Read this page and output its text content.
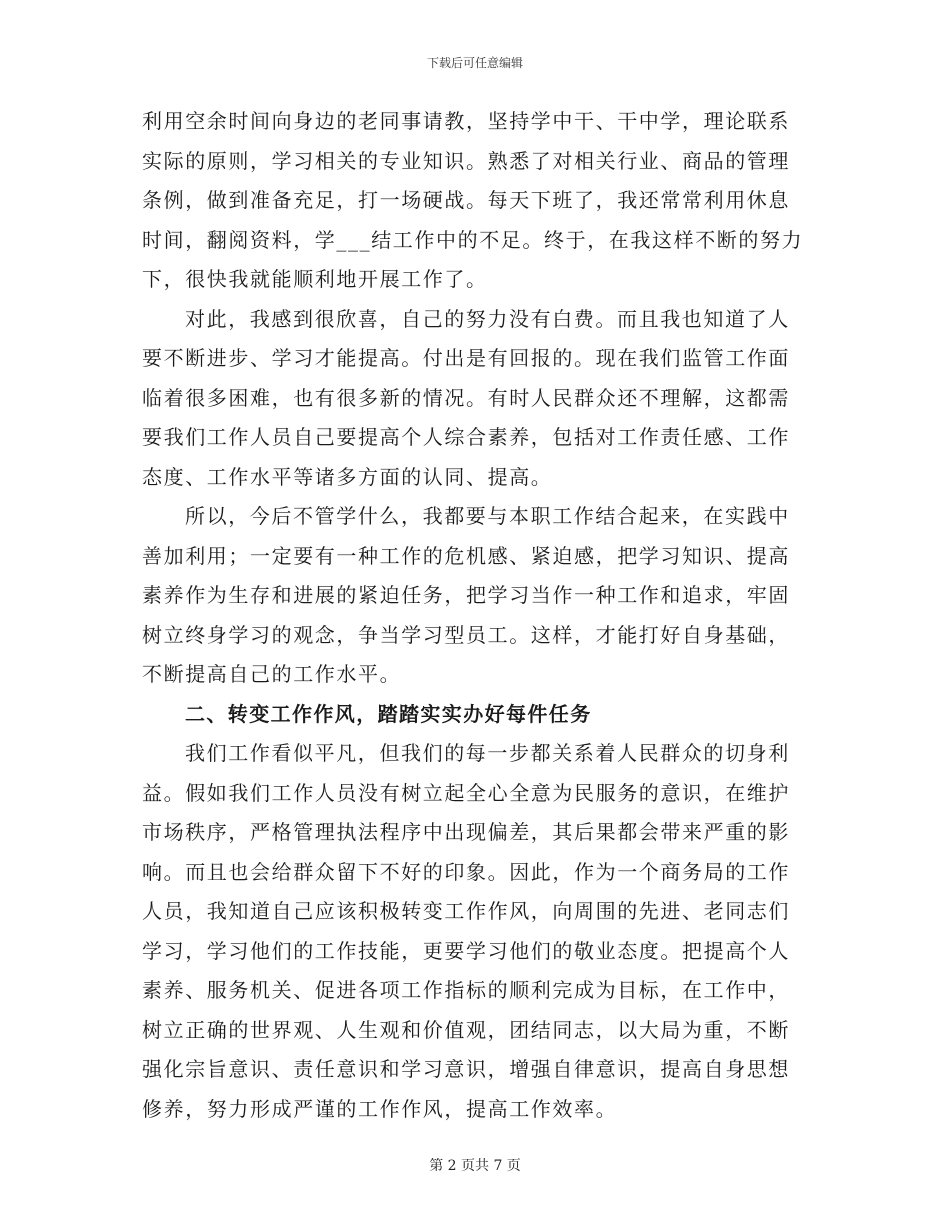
下载后可任意编辑

利用空余时间向身边的老同事请教，坚持学中干、干中学，理论联系
实际的原则，学习相关的专业知识。熟悉了对相关行业、商品的管理
条例，做到准备充足，打一场硬战。每天下班了，我还常常利用休息
时间，翻阅资料，学___结工作中的不足。终于，在我这样不断的努力
下，很快我就能顺利地开展工作了。

对此，我感到很欣喜，自己的努力没有白费。而且我也知道了人
要不断进步、学习才能提高。付出是有回报的。现在我们监管工作面
临着很多困难，也有很多新的情况。有时人民群众还不理解，这都需
要我们工作人员自己要提高个人综合素养，包括对工作责任感、工作
态度、工作水平等诸多方面的认同、提高。

所以，今后不管学什么，我都要与本职工作结合起来，在实践中
善加利用；一定要有一种工作的危机感、紧迫感，把学习知识、提高
素养作为生存和进展的紧迫任务，把学习当作一种工作和追求，牢固
树立终身学习的观念，争当学习型员工。这样，才能打好自身基础，
不断提高自己的工作水平。

二、转变工作作风，踏踏实实办好每件任务

我们工作看似平凡，但我们的每一步都关系着人民群众的切身利
益。假如我们工作人员没有树立起全心全意为民服务的意识，在维护
市场秩序，严格管理执法程序中出现偏差，其后果都会带来严重的影
响。而且也会给群众留下不好的印象。因此，作为一个商务局的工作
人员，我知道自己应该积极转变工作作风，向周围的先进、老同志们
学习，学习他们的工作技能，更要学习他们的敬业态度。把提高个人
素养、服务机关、促进各项工作指标的顺利完成为目标，在工作中，
树立正确的世界观、人生观和价值观，团结同志，以大局为重，不断
强化宗旨意识、责任意识和学习意识，增强自律意识，提高自身思想
修养，努力形成严谨的工作作风，提高工作效率。

第 2 页共 7 页
